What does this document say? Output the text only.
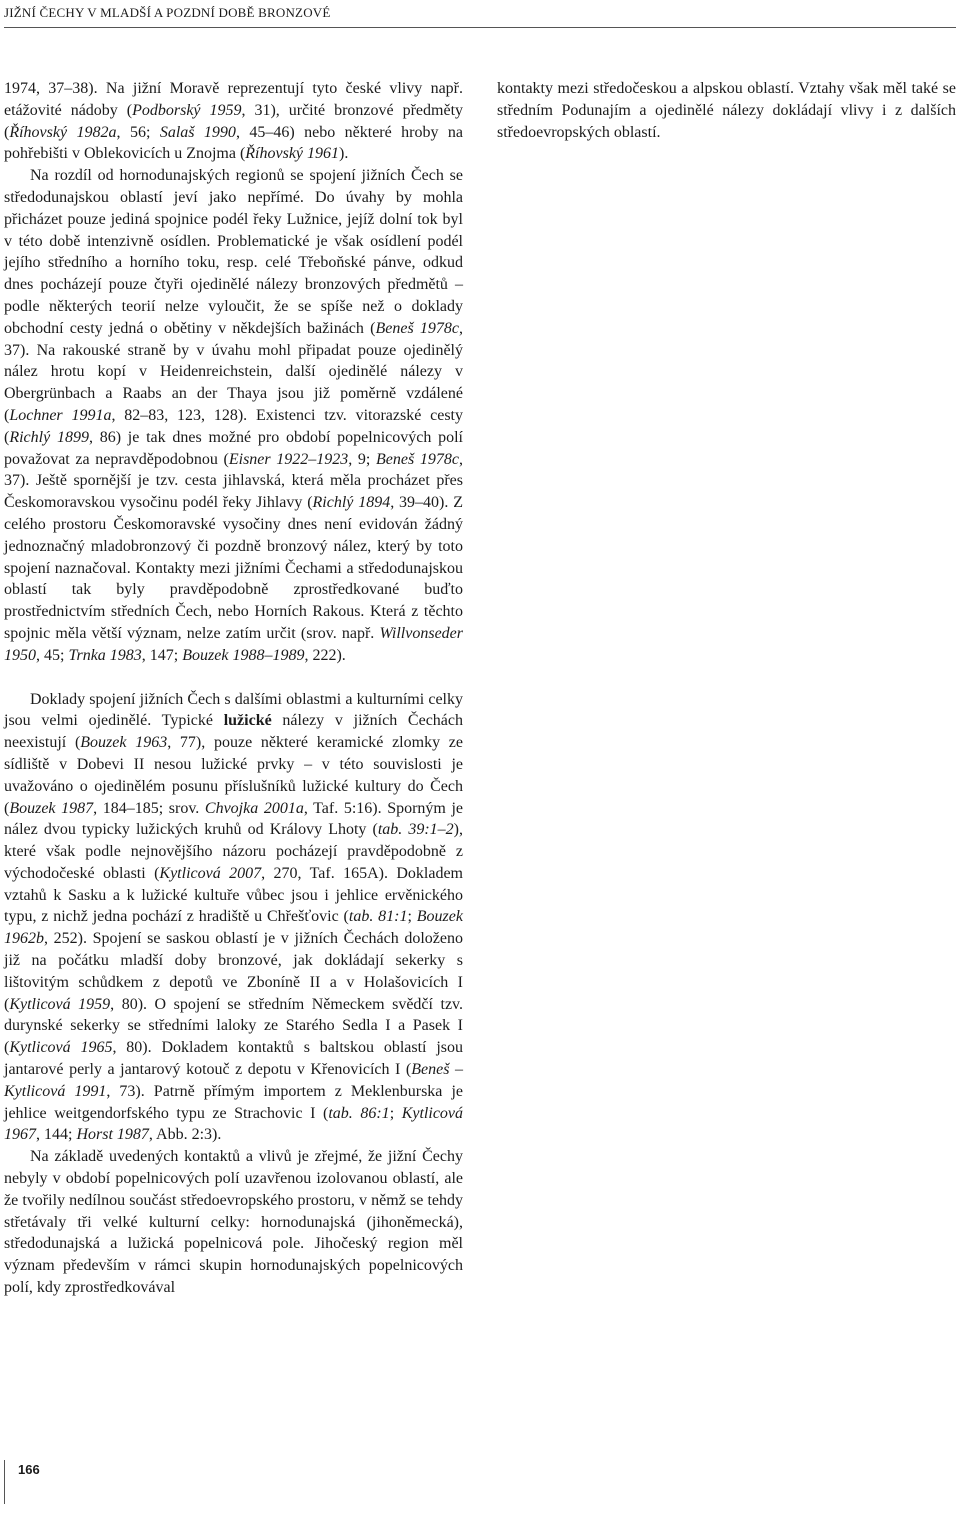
JIŽNÍ ČECHY V MLADŠÍ A POZDNÍ DOBĚ BRONZOVÉ

1974, 37–38). Na jižní Moravě reprezentují tyto české vlivy např. etážovité nádoby (Podborský 1959, 31), určité bronzové předměty (Říhovský 1982a, 56; Salaš 1990, 45–46) nebo některé hroby na pohřebišti v Oblekovicích u Znojma (Říhovský 1961).

Na rozdíl od hornodunajských regionů se spojení jižních Čech se středodunajskou oblastí jeví jako nepřímé. Do úvahy by mohla přicházet pouze jediná spojnice podél řeky Lužnice, jejíž dolní tok byl v této době intenzivně osídlen. Problematické je však osídlení podél jejího středního a horního toku, resp. celé Třeboňské pánve, odkud dnes pocházejí pouze čtyři ojedinělé nálezy bronzových předmětů – podle některých teorií nelze vyloučit, že se spíše než o doklady obchodní cesty jedná o obětiny v někdejších bažinách (Beneš 1978c, 37). Na rakouské straně by v úvahu mohl připadat pouze ojedinělý nález hrotu kopí v Heidenreichstein, další ojedinělé nálezy v Obergrünbach a Raabs an der Thaya jsou již poměrně vzdálené (Lochner 1991a, 82–83, 123, 128). Existenci tzv. vitorazské cesty (Richlý 1899, 86) je tak dnes možné pro období popelnicových polí považovat za nepravděpodobnou (Eisner 1922–1923, 9; Beneš 1978c, 37). Ještě spornější je tzv. cesta jihlavská, která měla procházet přes Českomoravskou vysočinu podél řeky Jihlavy (Richlý 1894, 39–40). Z celého prostoru Českomoravské vysočiny dnes není evidován žádný jednoznačný mladobronzový či pozdně bronzový nález, který by toto spojení naznačoval. Kontakty mezi jižními Čechami a středodunajskou oblastí tak byly pravděpodobně zprostředkované buďto prostřednictvím středních Čech, nebo Horních Rakous. Která z těchto spojnic měla větší význam, nelze zatím určit (srov. např. Willvonseder 1950, 45; Trnka 1983, 147; Bouzek 1988–1989, 222).

Doklady spojení jižních Čech s dalšími oblastmi a kulturními celky jsou velmi ojedinělé. Typické lužické nálezy v jižních Čechách neexistují (Bouzek 1963, 77), pouze některé keramické zlomky ze sídliště v Dobevi II nesou lužické prvky – v této souvislosti je uvažováno o ojedinělém posunu příslušníků lužické kultury do Čech (Bouzek 1987, 184–185; srov. Chvojka 2001a, Taf. 5:16). Sporným je nález dvou typicky lužických kruhů od Královy Lhoty (tab. 39:1–2), které však podle nejnovějšího názoru pocházejí pravděpodobně z východočeské oblasti (Kytlicová 2007, 270, Taf. 165A). Dokladem vztahů k Sasku a k lužické kultuře vůbec jsou i jehlice ervěnického typu, z nichž jedna pochází z hradiště u Chřešťovic (tab. 81:1; Bouzek 1962b, 252). Spojení se saskou oblastí je v jižních Čechách doloženo již na počátku mladší doby bronzové, jak dokládají sekerky s lištovitým schůdkem z depotů ve Zboníně II a v Holašovicích I (Kytlicová 1959, 80). O spojení se středním Německem svědčí tzv. durynské sekerky se středními laloky ze Starého Sedla I a Pasek I (Kytlicová 1965, 80). Dokladem kontaktů s baltskou oblastí jsou jantarové perly a jantarový kotouč z depotu v Křenovicích I (Beneš – Kytlicová 1991, 73). Patrně přímým importem z Meklenburska je jehlice weitgendorfského typu ze Strachovic I (tab. 86:1; Kytlicová 1967, 144; Horst 1987, Abb. 2:3).

Na základě uvedených kontaktů a vlivů je zřejmé, že jižní Čechy nebyly v období popelnicových polí uzavřenou izolovanou oblastí, ale že tvořily nedílnou součást středoevropského prostoru, v němž se tehdy střetávaly tři velké kulturní celky: hornodunajská (jihoněmecká), středodunajská a lužická popelnicová pole. Jihočeský region měl význam především v rámci skupin hornodunajských popelnicových polí, kdy zprostředkovával

kontakty mezi středočeskou a alpskou oblastí. Vztahy však měl také se středním Podunajím a ojedinělé nálezy dokládají vlivy i z dalších středoevropských oblastí.

166
